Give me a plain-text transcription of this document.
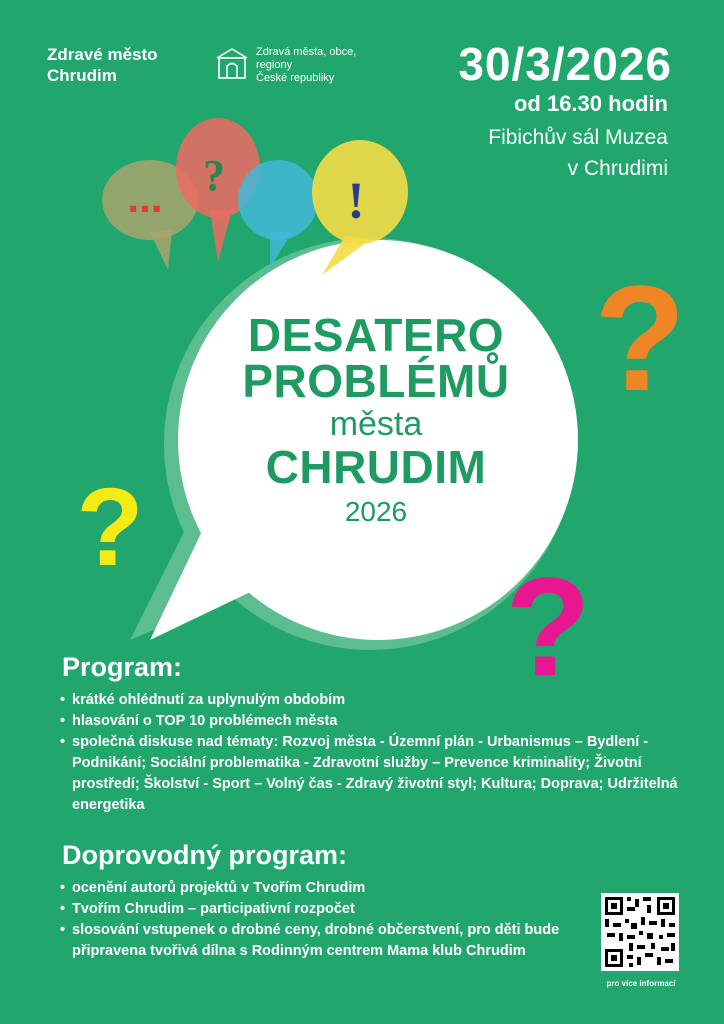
Zdravé město
Chrudim
Zdravá města, obce, regiony
České republiky	30/3/2026
od 16.30 hodin
Fibichův sál Muzea
v Chrudimi
... ? !
?
?
?
DESATERO
PROBLÉMŮ
města
CHRUDIM
2026
Program:
• krátké ohlédnutí za uplynulým obdobím
• hlasování o TOP 10 problémech města
• společná diskuse nad tématy: Rozvoj města - Územní plán - Urbanismus – Bydlení - Podnikání; Sociální problematika - Zdravotní služby – Prevence kriminality; Životní prostředí; Školství - Sport – Volný čas - Zdravý životní styl; Kultura; Doprava; Udržitelná energetika
Doprovodný program:
• ocenění autorů projektů v Tvořím Chrudim
• Tvořím Chrudim – participativní rozpočet
• slosování vstupenek o drobné ceny, drobné občerstvení, pro děti bude připravena tvořivá dílna s Rodinným centrem Mama klub Chrudim
pro více informací
